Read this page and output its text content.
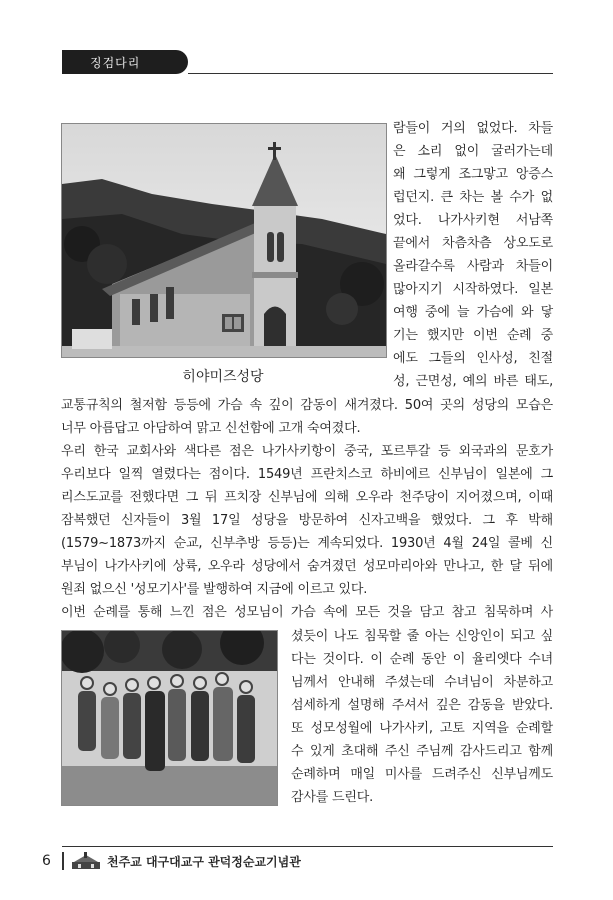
징검다리
히야미즈성당
람들이 거의 없었다. 차들
은 소리 없이 굴러가는데
왜 그렇게 조그맣고 앙증스
럽던지. 큰 차는 볼 수가 없
었다. 나가사키현 서남쪽
끝에서 차츰차츰 상오도로
올라갈수록 사람과 차들이
많아지기 시작하였다. 일본
여행 중에 늘 가슴에 와 닿
기는 했지만 이번 순례 중
에도 그들의 인사성, 친절
성, 근면성, 예의 바른 태도,
교통규칙의 철저함 등등에 가슴 속 깊이 감동이 새겨졌다. 50여 곳의 성당의 모습은
너무 아름답고 아담하여 맑고 신선함에 고개 숙여졌다.
우리 한국 교회사와 색다른 점은 나가사키항이 중국, 포르투갈 등 외국과의 문호가
우리보다 일찍 열렸다는 점이다. 1549년 프란치스코 하비에르 신부님이 일본에 그
리스도교를 전했다면 그 뒤 프치장 신부님에 의해 오우라 천주당이 지어졌으며, 이때
잠복했던 신자들이 3월 17일 성당을 방문하여 신자고백을 했었다. 그 후 박해
(1579~1873까지 순교, 신부추방 등등)는 계속되었다. 1930년 4월 24일 콜베 신
부님이 나가사키에 상륙, 오우라 성당에서 숨겨졌던 성모마리아와 만나고, 한 달 뒤에
원죄 없으신 '성모기사'를 발행하여 지금에 이르고 있다.
이번 순례를 통해 느낀 점은 성모님이 가슴 속에 모든 것을 담고 참고 침묵하며 사
셨듯이 나도 침묵할 줄 아는 신앙인이 되고 싶
다는 것이다. 이 순례 동안 이 율리엣다 수녀
님께서 안내해 주셨는데 수녀님이 차분하고
섬세하게 설명해 주셔서 깊은 감동을 받았다.
또 성모성월에 나가사키, 고토 지역을 순례할
수 있게 초대해 주신 주님께 감사드리고 함께
순례하며 매일 미사를 드려주신 신부님께도
감사를 드린다.
6	천주교 대구대교구 관덕정순교기념관
